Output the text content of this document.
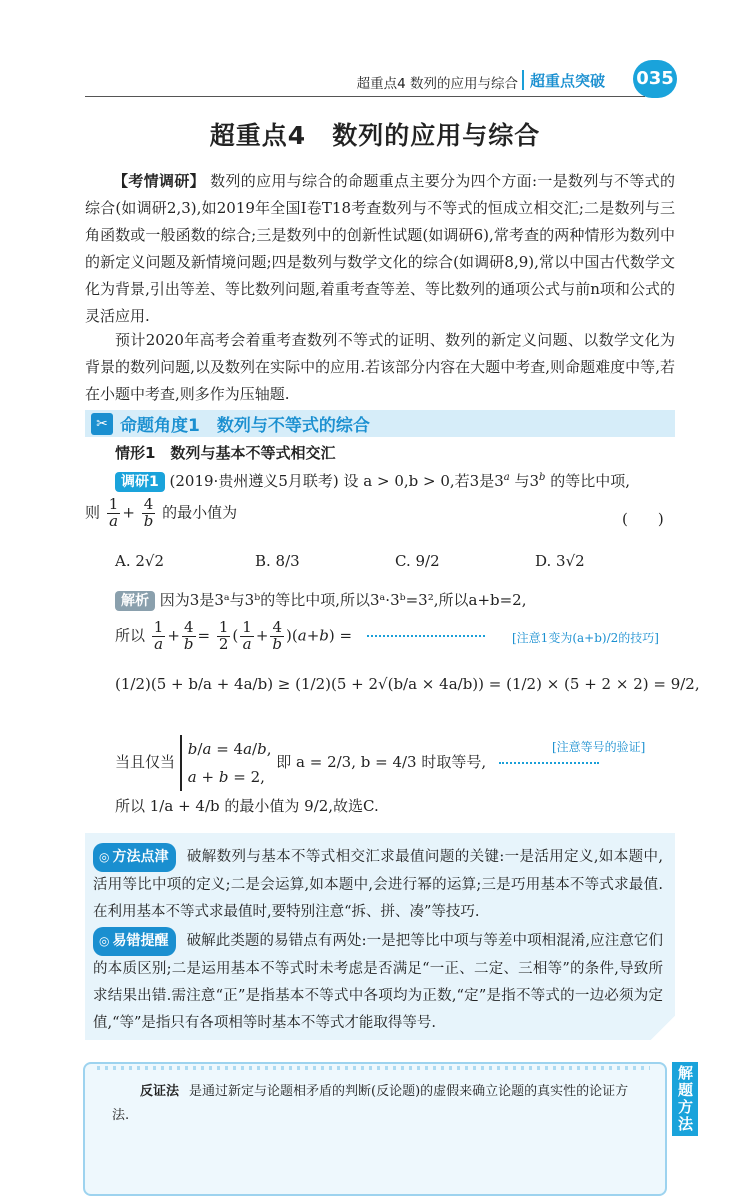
超重点4 数列的应用与综合 超重点突破 035
超重点4　数列的应用与综合
【考情调研】 数列的应用与综合的命题重点主要分为四个方面:一是数列与不等式的综合(如调研2,3),如2019年全国Ⅰ卷T18考查数列与不等式的恒成立相交汇;二是数列与三角函数或一般函数的综合;三是数列中的创新性试题(如调研6),常考查的两种情形为数列中的新定义问题及新情境问题;四是数列与数学文化的综合(如调研8,9),常以中国古代数学文化为背景,引出等差、等比数列问题,着重考查等差、等比数列的通项公式与前n项和公式的灵活应用.
预计2020年高考会着重考查数列不等式的证明、数列的新定义问题、以数学文化为背景的数列问题,以及数列在实际中的应用.若该部分内容在大题中考查,则命题难度中等,若在小题中考查,则多作为压轴题.
✂ 命题角度1　数列与不等式的综合
情形1　数列与基本不等式相交汇
调研1 (2019·贵州遵义5月联考) 设 a > 0,b > 0,若3是3$^a$ 与3$^b$ 的等比中项,
则 $\frac{1}{a} + \frac{4}{b}$ 的最小值为	(　　)
A. 2√2	B. 8/3	C. 9/2	D. 3√2
解析 因为3是3ᵃ与3ᵇ的等比中项,所以3ᵃ·3ᵇ=3²,所以a+b=2,
所以 $\frac{1}{a} + \frac{4}{b} = \frac{1}{2}$ ( $\frac{1}{a} + \frac{4}{b} )(a+b)$ =	[注意1变为(a+b)/2的技巧]
(1/2)(5 + b/a + 4a/b) ≥ (1/2)(5 + 2√(b/a × 4a/b)) = (1/2) × (5 + 2 × 2) = 9/2,
当且仅当
b/a = 4a/b,
a + b = 2,
即 a = 2/3, b = 4/3 时取等号,
[注意等号的验证]
所以 1/a + 4/b 的最小值为 9/2,故选C.
◎ 方法点津 破解数列与基本不等式相交汇求最值问题的关键:一是活用定义,如本题中,活用等比中项的定义;二是会运算,如本题中,会进行幂的运算;三是巧用基本不等式求最值.在利用基本不等式求最值时,要特别注意“拆、拼、凑”等技巧.
◎ 易错提醒 破解此类题的易错点有两处:一是把等比中项与等差中项相混淆,应注意它们的本质区别;二是运用基本不等式时未考虑是否满足“一正、二定、三相等”的条件,导致所求结果出错.需注意“正”是指基本不等式中各项均为正数,“定”是指不等式的一边必须为定值,“等”是指只有各项相等时基本不等式才能取得等号.
反证法 是通过新定与论题相矛盾的判断(反论题)的虚假来确立论题的真实性的论证方法.	解题方法
